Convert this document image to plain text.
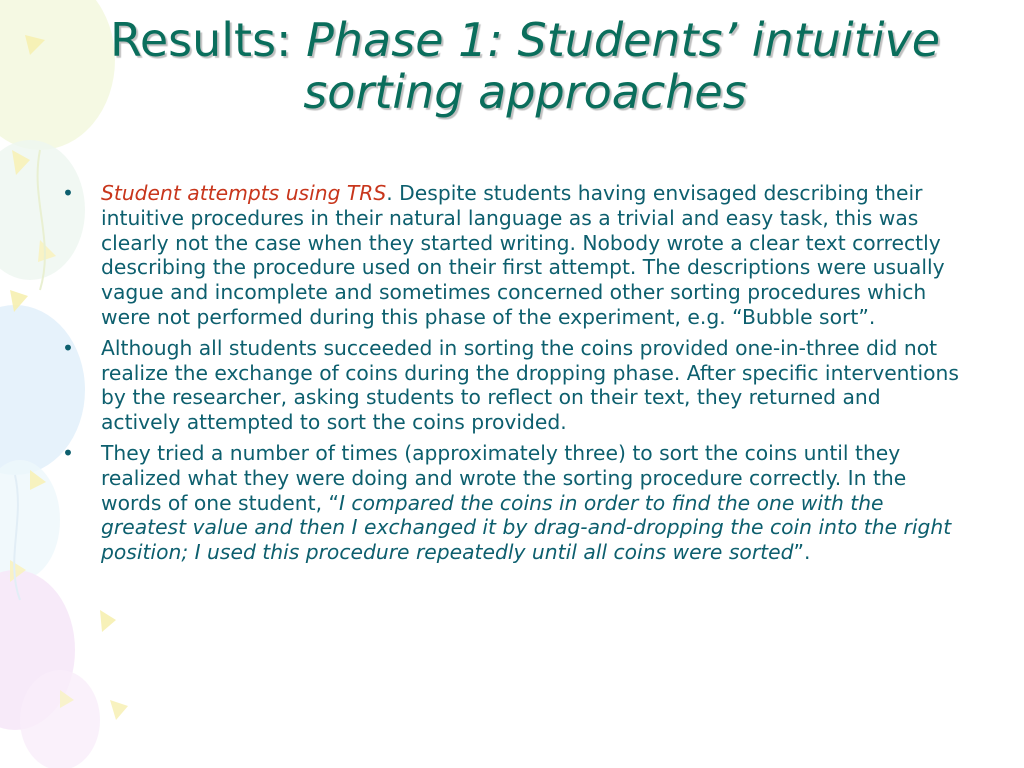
Results: Phase 1: Students’ intuitive sorting approaches
• Student attempts using TRS. Despite students having envisaged describing their intuitive procedures in their natural language as a trivial and easy task, this was clearly not the case when they started writing. Nobody wrote a clear text correctly describing the procedure used on their first attempt. The descriptions were usually vague and incomplete and sometimes concerned other sorting procedures which were not performed during this phase of the experiment, e.g. “Bubble sort”.
• Although all students succeeded in sorting the coins provided one-in-three did not realize the exchange of coins during the dropping phase. After specific interventions by the researcher, asking students to reflect on their text, they returned and actively attempted to sort the coins provided.
• They tried a number of times (approximately three) to sort the coins until they realized what they were doing and wrote the sorting procedure correctly. In the words of one student, “I compared the coins in order to find the one with the greatest value and then I exchanged it by drag-and-dropping the coin into the right position; I used this procedure repeatedly until all coins were sorted”.
